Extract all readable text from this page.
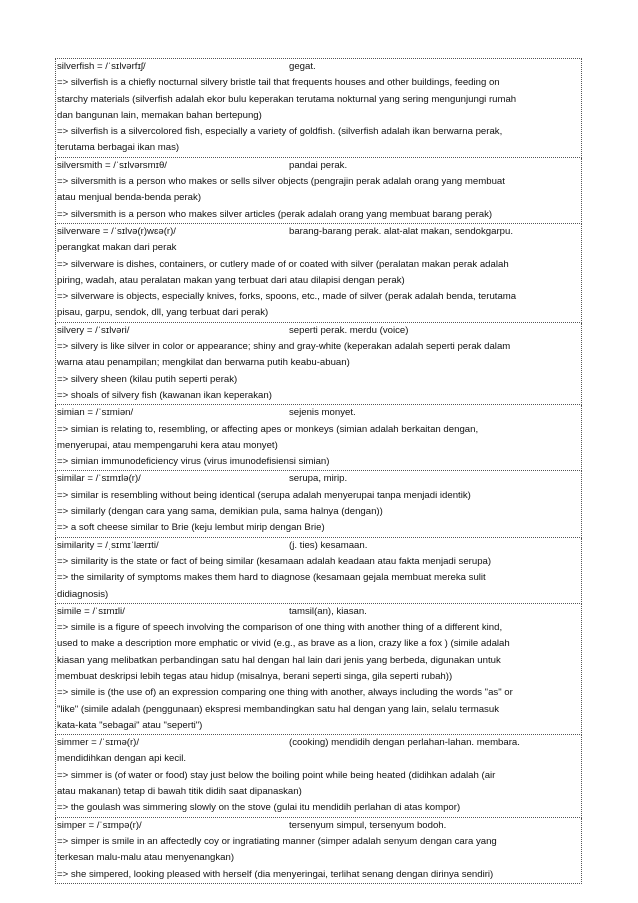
silverfish = /ˈsɪlvərfɪʃ/	gegat.
=> silverfish is a chiefly nocturnal silvery bristle tail that frequents houses and other buildings, feeding on
starchy materials (silverfish adalah ekor bulu keperakan terutama nokturnal yang sering mengunjungi rumah
dan bangunan lain, memakan bahan bertepung)
=> silverfish is a silvercolored fish, especially a variety of goldfish. (silverfish adalah ikan berwarna perak,
terutama berbagai ikan mas)
silversmith = /ˈsɪlvərsmɪθ/	pandai perak.
=> silversmith is a person who makes or sells silver objects (pengrajin perak adalah orang yang membuat
atau menjual benda-benda perak)
=> silversmith is a person who makes silver articles (perak adalah orang yang membuat barang perak)
silverware = /ˈsɪlvə(r)wɛə(r)/	barang-barang perak. alat-alat makan, sendokgarpu.
perangkat makan dari perak
=> silverware is dishes, containers, or cutlery made of or coated with silver (peralatan makan perak adalah
piring, wadah, atau peralatan makan yang terbuat dari atau dilapisi dengan perak)
=> silverware is objects, especially knives, forks, spoons, etc., made of silver (perak adalah benda, terutama
pisau, garpu, sendok, dll, yang terbuat dari perak)
silvery = /ˈsɪlvəri/	seperti perak. merdu (voice)
=> silvery is like silver in color or appearance; shiny and gray-white (keperakan adalah seperti perak dalam
warna atau penampilan; mengkilat dan berwarna putih keabu-abuan)
=> silvery sheen (kilau putih seperti perak)
=> shoals of silvery fish (kawanan ikan keperakan)
simian = /ˈsɪmiən/	sejenis monyet.
=> simian is relating to, resembling, or affecting apes or monkeys (simian adalah berkaitan dengan,
menyerupai, atau mempengaruhi kera atau monyet)
=> simian immunodeficiency virus (virus imunodefisiensi simian)
similar = /ˈsɪmɪlə(r)/	serupa, mirip.
=> similar is resembling without being identical (serupa adalah menyerupai tanpa menjadi identik)
=> similarly (dengan cara yang sama, demikian pula, sama halnya (dengan))
=> a soft cheese similar to Brie (keju lembut mirip dengan Brie)
similarity = /ˌsɪmɪˈlærɪti/	(j. ties) kesamaan.
=> similarity is the state or fact of being similar (kesamaan adalah keadaan atau fakta menjadi serupa)
=> the similarity of symptoms makes them hard to diagnose (kesamaan gejala membuat mereka sulit
didiagnosis)
simile = /ˈsɪmɪli/	tamsil(an), kiasan.
=> simile is a figure of speech involving the comparison of one thing with another thing of a different kind,
used to make a description more emphatic or vivid (e.g., as brave as a lion, crazy like a fox ) (simile adalah
kiasan yang melibatkan perbandingan satu hal dengan hal lain dari jenis yang berbeda, digunakan untuk
membuat deskripsi lebih tegas atau hidup (misalnya, berani seperti singa, gila seperti rubah))
=> simile is (the use of) an expression comparing one thing with another, always including the words "as" or
"like" (simile adalah (penggunaan) ekspresi membandingkan satu hal dengan yang lain, selalu termasuk
kata-kata "sebagai" atau "seperti")
simmer = /ˈsɪmə(r)/	(cooking) mendidih dengan perlahan-lahan. membara.
mendidihkan dengan api kecil.
=> simmer is (of water or food) stay just below the boiling point while being heated (didihkan adalah (air
atau makanan) tetap di bawah titik didih saat dipanaskan)
=> the goulash was simmering slowly on the stove (gulai itu mendidih perlahan di atas kompor)
simper = /ˈsɪmpə(r)/	tersenyum simpul, tersenyum bodoh.
=> simper is smile in an affectedly coy or ingratiating manner (simper adalah senyum dengan cara yang
terkesan malu-malu atau menyenangkan)
=> she simpered, looking pleased with herself (dia menyeringai, terlihat senang dengan dirinya sendiri)
